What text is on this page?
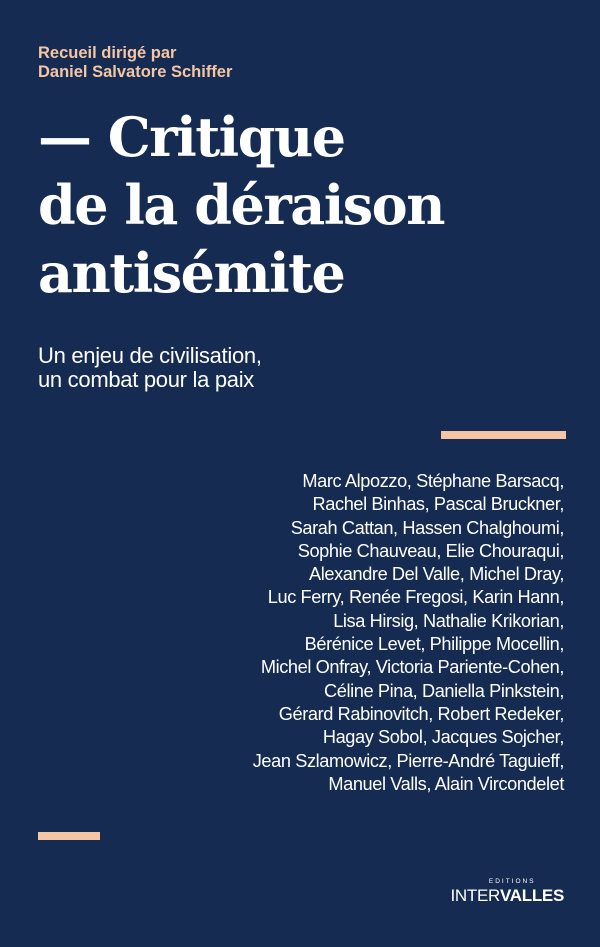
Recueil dirigé par
Daniel Salvatore Schiffer
— Critique
de la déraison
antisémite
Un enjeu de civilisation,
un combat pour la paix
Marc Alpozzo, Stéphane Barsacq,
Rachel Binhas, Pascal Bruckner,
Sarah Cattan, Hassen Chalghoumi,
Sophie Chauveau, Elie Chouraqui,
Alexandre Del Valle, Michel Dray,
Luc Ferry, Renée Fregosi, Karin Hann,
Lisa Hirsig, Nathalie Krikorian,
Bérénice Levet, Philippe Mocellin,
Michel Onfray, Victoria Pariente-Cohen,
Céline Pina, Daniella Pinkstein,
Gérard Rabinovitch, Robert Redeker,
Hagay Sobol, Jacques Sojcher,
Jean Szlamowicz, Pierre-André Taguieff,
Manuel Valls, Alain Vircondelet
EDITIONS
INTERVALLES
